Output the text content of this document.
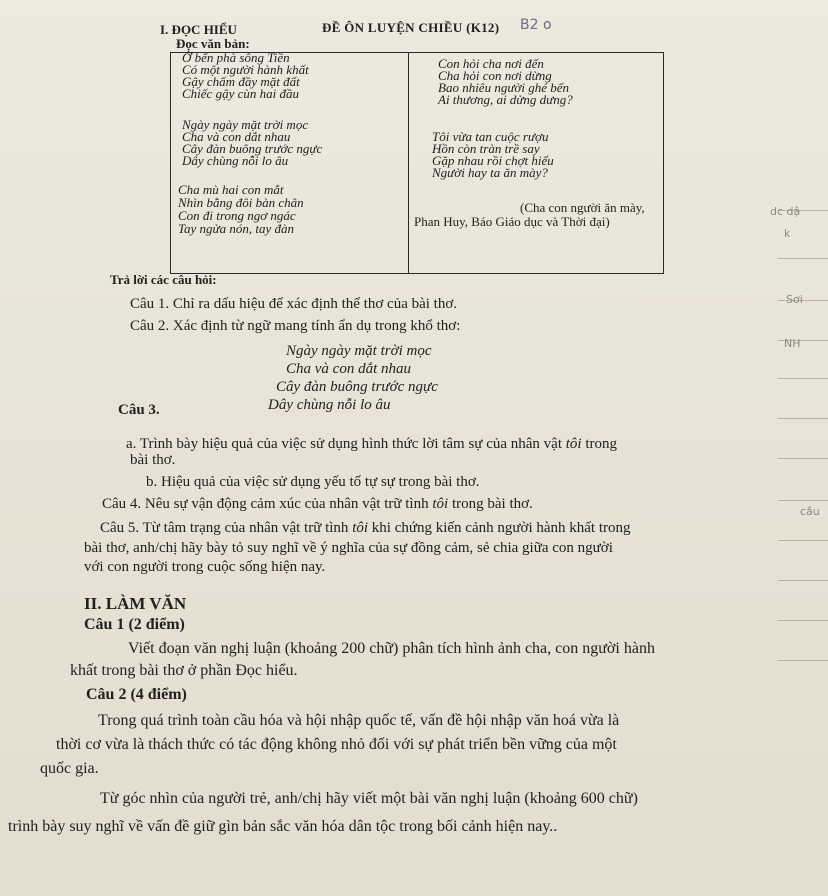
I. ĐỌC HIỂU	ĐỀ ÔN LUYỆN CHIỀU (K12) B2 o
Đọc văn bản:
Ở bến phà sông Tiền
Có một người hành khất
Gậy chấm đầy mặt đất
Chiếc gậy cùn hai đầu
Ngày ngày mặt trời mọc
Cha và con dắt nhau
Cây đàn buông trước ngực
Dây chùng nỗi lo âu
Cha mù hai con mắt
Nhìn bằng đôi bàn chân
Con đi trong ngơ ngác
Tay ngửa nón, tay đàn
Con hỏi cha nơi đến
Cha hỏi con nơi dừng
Bao nhiêu người ghé bến
Ai thương, ai dửng dưng?
Tôi vừa tan cuộc rượu
Hồn còn tràn trề say
Gặp nhau rồi chợt hiểu
Người hay ta ăn mày?
(Cha con người ăn mày,
Phan Huy, Báo Giáo dục và Thời đại)
Trả lời các câu hỏi:
Câu 1. Chỉ ra dấu hiệu để xác định thể thơ của bài thơ.
Câu 2. Xác định từ ngữ mang tính ẩn dụ trong khổ thơ:
Ngày ngày mặt trời mọc
Cha và con dắt nhau
Cây đàn buông trước ngực
Dây chùng nỗi lo âu
Câu 3.
a. Trình bày hiệu quả của việc sử dụng hình thức lời tâm sự của nhân vật tôi trong
bài thơ.
b. Hiệu quả của việc sử dụng yếu tố tự sự trong bài thơ.
Câu 4. Nêu sự vận động cảm xúc của nhân vật trữ tình tôi trong bài thơ.
Câu 5. Từ tâm trạng của nhân vật trữ tình tôi khi chứng kiến cảnh người hành khất trong
bài thơ, anh/chị hãy bày tỏ suy nghĩ về ý nghĩa của sự đồng cảm, sẻ chia giữa con người
với con người trong cuộc sống hiện nay.
II. LÀM VĂN
Câu 1 (2 điểm)
Viết đoạn văn nghị luận (khoảng 200 chữ) phân tích hình ảnh cha, con người hành
khất trong bài thơ ở phần Đọc hiểu.
Câu 2 (4 điểm)
Trong quá trình toàn cầu hóa và hội nhập quốc tế, vấn đề hội nhập văn hoá vừa là
thời cơ vừa là thách thức có tác động không nhỏ đối với sự phát triển bền vững của một
quốc gia.
Từ góc nhìn của người trẻ, anh/chị hãy viết một bài văn nghị luận (khoảng 600 chữ)
trình bày suy nghĩ về vấn đề giữ gìn bản sắc văn hóa dân tộc trong bối cảnh hiện nay..
dc dậ
k
Sơi
NH
cầu
